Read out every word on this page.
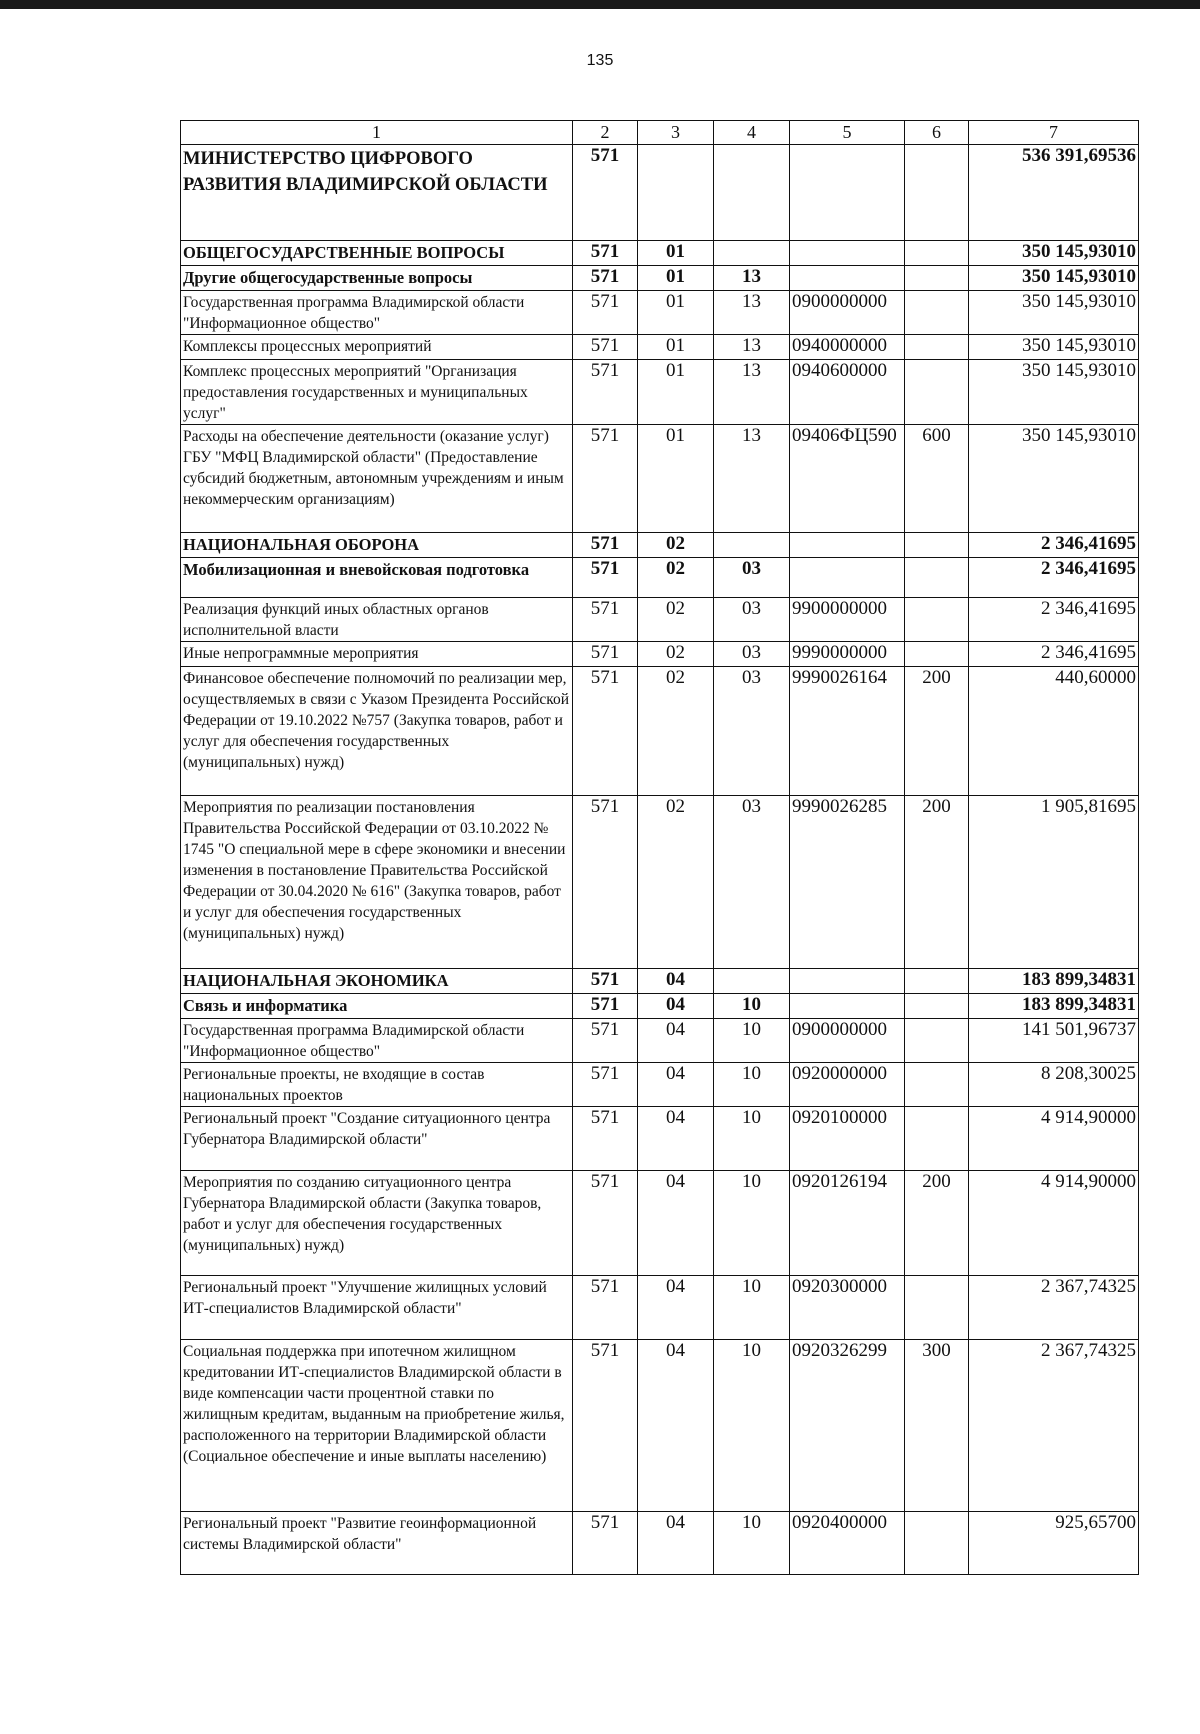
135
1	2	3	4	5	6	7
МИНИСТЕРСТВО ЦИФРОВОГО РАЗВИТИЯ ВЛАДИМИРСКОЙ ОБЛАСТИ	571					536 391,69536
ОБЩЕГОСУДАРСТВЕННЫЕ ВОПРОСЫ	571	01				350 145,93010
Другие общегосударственные вопросы	571	01	13			350 145,93010
Государственная программа Владимирской области "Информационное общество"	571	01	13	0900000000		350 145,93010
Комплексы процессных мероприятий	571	01	13	0940000000		350 145,93010
Комплекс процессных мероприятий "Организация предоставления государственных и муниципальных услуг"	571	01	13	0940600000		350 145,93010
Расходы на обеспечение деятельности (оказание услуг) ГБУ "МФЦ Владимирской области" (Предоставление субсидий бюджетным, автономным учреждениям и иным некоммерческим организациям)	571	01	13	09406ФЦ590	600	350 145,93010
НАЦИОНАЛЬНАЯ ОБОРОНА	571	02				2 346,41695
Мобилизационная и вневойсковая подготовка	571	02	03			2 346,41695
Реализация функций иных областных органов исполнительной власти	571	02	03	9900000000		2 346,41695
Иные непрограммные мероприятия	571	02	03	9990000000		2 346,41695
Финансовое обеспечение полномочий по реализации мер, осуществляемых в связи с Указом Президента Российской Федерации от 19.10.2022 №757 (Закупка товаров, работ и услуг для обеспечения государственных (муниципальных) нужд)	571	02	03	9990026164	200	440,60000
Мероприятия по реализации постановления Правительства Российской Федерации от 03.10.2022 № 1745 "О специальной мере в сфере экономики и внесении изменения в постановление Правительства Российской Федерации от 30.04.2020 № 616" (Закупка товаров, работ и услуг для обеспечения государственных (муниципальных) нужд)	571	02	03	9990026285	200	1 905,81695
НАЦИОНАЛЬНАЯ ЭКОНОМИКА	571	04				183 899,34831
Связь и информатика	571	04	10			183 899,34831
Государственная программа Владимирской области "Информационное общество"	571	04	10	0900000000		141 501,96737
Региональные проекты, не входящие в состав национальных проектов	571	04	10	0920000000		8 208,30025
Региональный проект "Создание ситуационного центра Губернатора Владимирской области"	571	04	10	0920100000		4 914,90000
Мероприятия по созданию ситуационного центра Губернатора Владимирской области (Закупка товаров, работ и услуг для обеспечения государственных (муниципальных) нужд)	571	04	10	0920126194	200	4 914,90000
Региональный проект "Улучшение жилищных условий ИТ-специалистов Владимирской области"	571	04	10	0920300000		2 367,74325
Социальная поддержка при ипотечном жилищном кредитовании ИТ-специалистов Владимирской области в виде компенсации части процентной ставки по жилищным кредитам, выданным на приобретение жилья, расположенного на территории Владимирской области (Социальное обеспечение и иные выплаты населению)	571	04	10	0920326299	300	2 367,74325
Региональный проект "Развитие геоинформационной системы Владимирской области"	571	04	10	0920400000		925,65700
